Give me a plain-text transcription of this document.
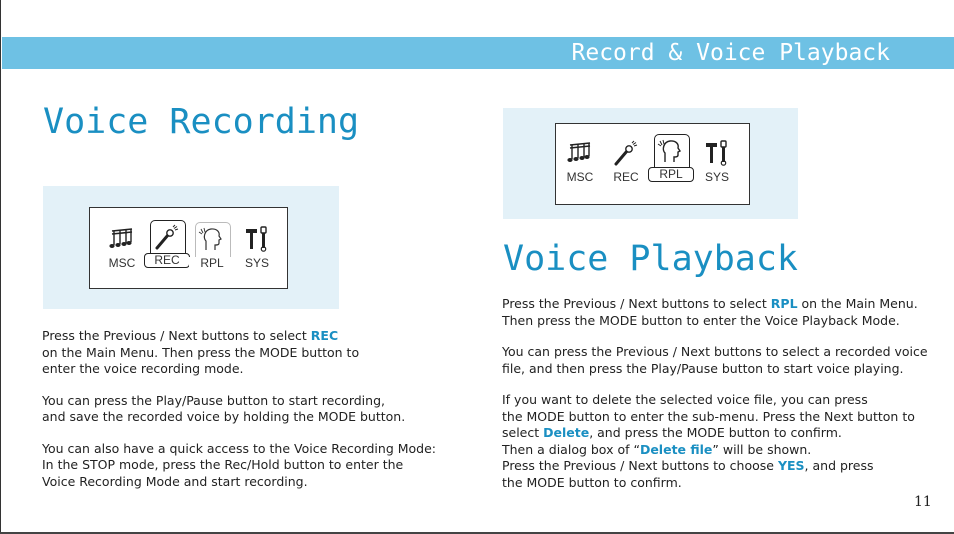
Record & Voice Playback
Voice Recording
MSC	REC	RPL	SYS

Press the Previous / Next buttons to select REC

on the Main Menu. Then press the MODE button to

enter the voice recording mode.

You can press the Play/Pause button to start recording,

and save the recorded voice by holding the MODE button.

You can also have a quick access to the Voice Recording Mode:

In the STOP mode, press the Rec/Hold button to enter the

Voice Recording Mode and start recording.

MSC	REC	RPL	SYS
Voice Playback

Press the Previous / Next buttons to select RPL on the Main Menu.

Then press the MODE button to enter the Voice Playback Mode.

You can press the Previous / Next buttons to select a recorded voice

file, and then press the Play/Pause button to start voice playing.

If you want to delete the selected voice file, you can press

the MODE button to enter the sub-menu. Press the Next button to

select Delete, and press the MODE button to confirm.

Then a dialog box of “Delete file” will be shown.

Press the Previous / Next buttons to choose YES, and press

the MODE button to confirm.

11
